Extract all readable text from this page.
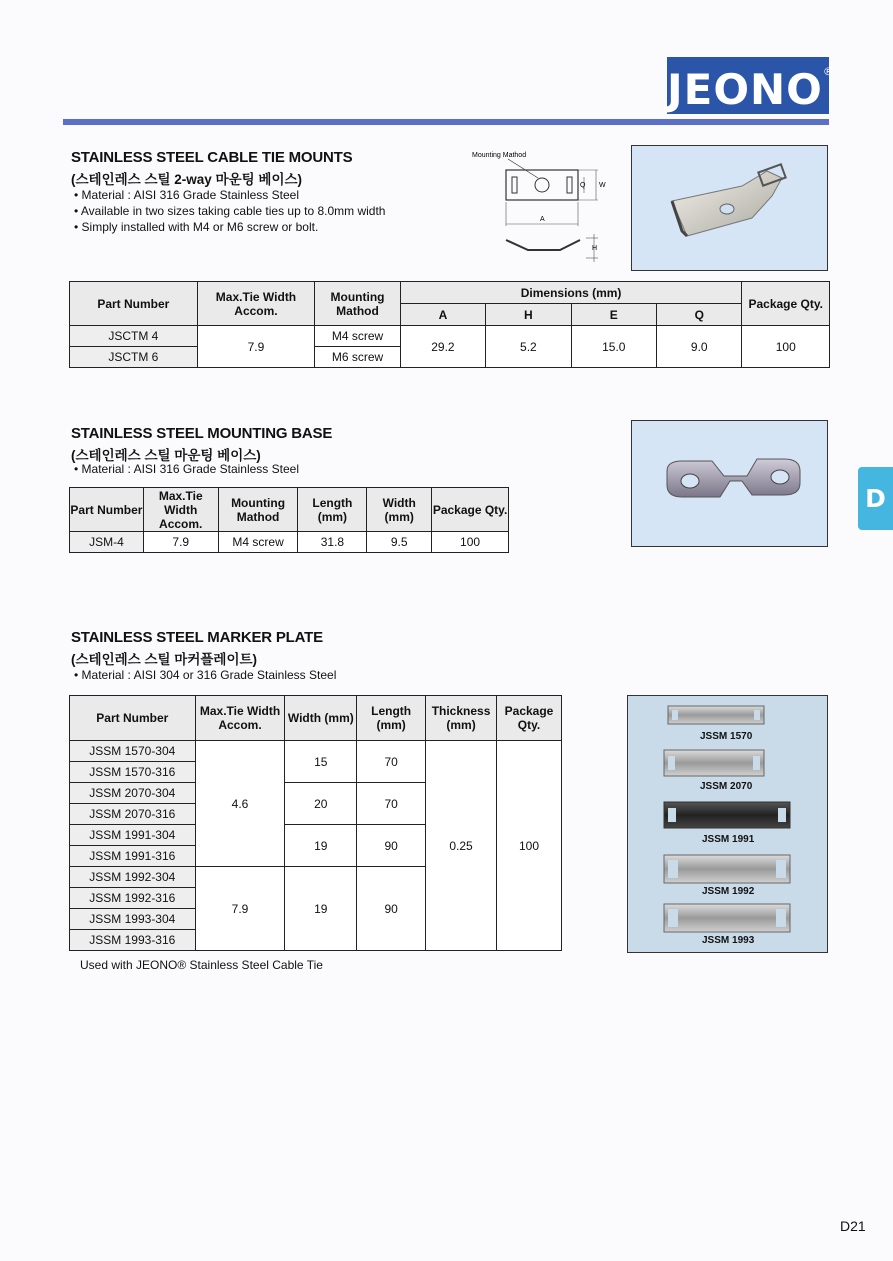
JEONO®
STAINLESS STEEL CABLE TIE MOUNTS
(스테인레스 스틸 2-way 마운팅 베이스)
• Material : AISI 316 Grade Stainless Steel
• Available in two sizes taking cable ties up to 8.0mm width
• Simply installed with M4 or M6 screw or bolt.
Mounting Mathod
Q W
A
H
Part Number	Max.Tie Width Accom.	Mounting Mathod	Dimensions (mm)				Package Qty.
			A	H	E	Q	
JSCTM 4	7.9	M4 screw	29.2	5.2	15.0	9.0	100
JSCTM 6		M6 screw					
STAINLESS STEEL MOUNTING BASE
(스테인레스 스틸 마운팅 베이스)
• Material : AISI 316 Grade Stainless Steel
Part Number	Max.Tie Width Accom.	Mounting Mathod	Length (mm)	Width (mm)	Package Qty.
JSM-4	7.9	M4 screw	31.8	9.5	100
D
STAINLESS STEEL MARKER PLATE
(스테인레스 스틸 마커플레이트)
• Material : AISI 304 or 316 Grade Stainless Steel
Part Number	Max.Tie Width Accom.	Width (mm)	Length (mm)	Thickness (mm)	Package Qty.
JSSM 1570-304	4.6	15	70	0.25	100
JSSM 1570-316					
JSSM 2070-304		20	70		
JSSM 2070-316					
JSSM 1991-304		19	90		
JSSM 1991-316					
JSSM 1992-304	7.9	19	90		
JSSM 1992-316					
JSSM 1993-304					
JSSM 1993-316					
Used with JEONO® Stainless Steel Cable Tie
JSSM 1570
JSSM 2070
JSSM 1991
JSSM 1992
JSSM 1993
D21
